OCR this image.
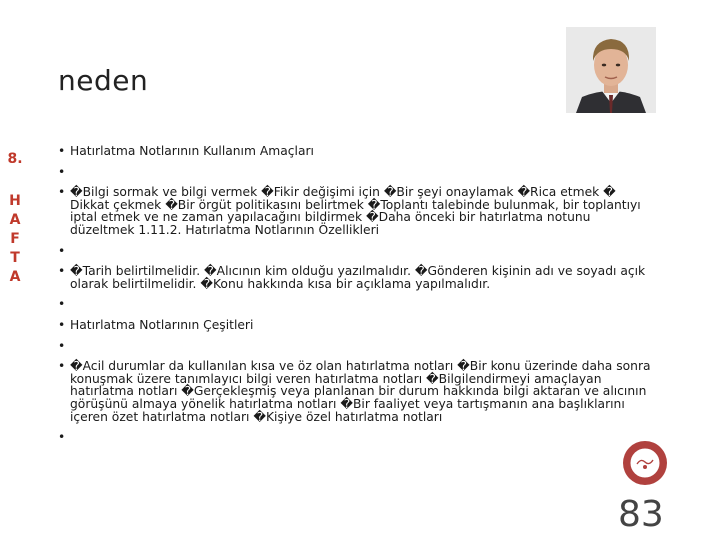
neden
8.
H
A
F
T
A

• Hatırlatma Notlarının Kullanım Amaçları

•

• �Bilgi sormak ve bilgi vermek �Fikir değişimi için �Bir şeyi onaylamak �Rica etmek � Dikkat çekmek �Bir örgüt politikasını belirtmek �Toplantı talebinde bulunmak, bir toplantıyı iptal etmek ve ne zaman yapılacağını bildirmek �Daha önceki bir hatırlatma notunu düzeltmek 1.11.2. Hatırlatma Notlarının Özellikleri

•

• �Tarih belirtilmelidir. �Alıcının kim olduğu yazılmalıdır. �Gönderen kişinin adı ve soyadı açık olarak belirtilmelidir. �Konu hakkında kısa bir açıklama yapılmalıdır.

•

• Hatırlatma Notlarının Çeşitleri

•

• �Acil durumlar da kullanılan kısa ve öz olan hatırlatma notları �Bir konu üzerinde daha sonra konuşmak üzere tanımlayıcı bilgi veren hatırlatma notları �Bilgilendirmeyi amaçlayan hatırlatma notları �Gerçekleşmiş veya planlanan bir durum hakkında bilgi aktaran ve alıcının görüşünü almaya yönelik hatırlatma notları �Bir faaliyet veya tartışmanın ana başlıklarını içeren özet hatırlatma notları �Kişiye özel hatırlatma notları

•

83
